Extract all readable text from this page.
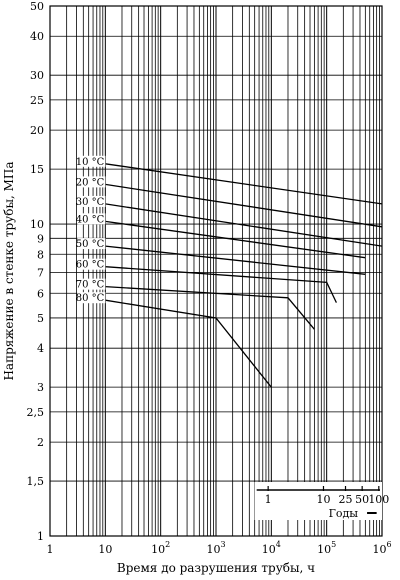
10 °C
20 °C
30 °C
40 °C
50 °C
60 °C
70 °C
80 °C
1	10	$10^2$	$10^3$	$10^4$	$10^5$	$10^6$
1
1,5
2
2,5
3
4
5
6
7
8
9
10
15
20
25
30
40
50
1	10 25 50 100
Годы
Время до разрушения трубы, ч
Напряжение в стенке трубы, МПа
